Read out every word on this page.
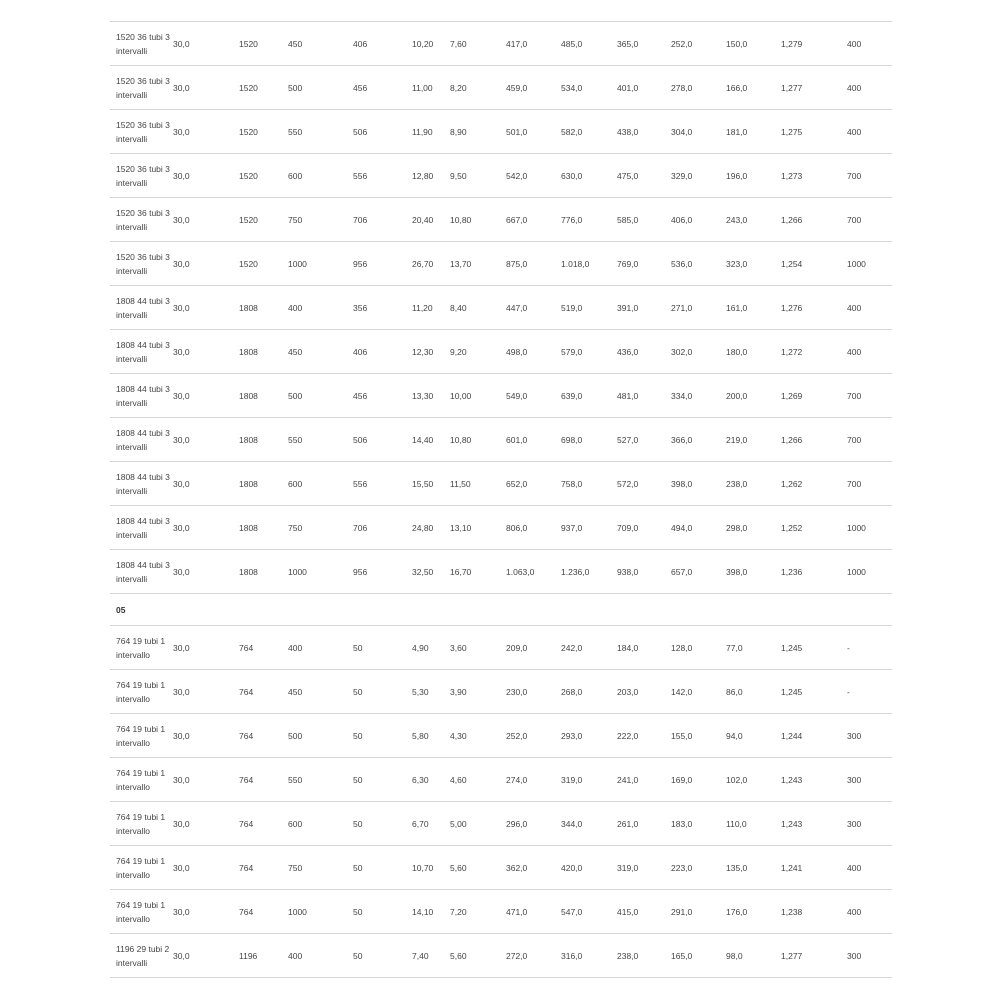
1520 36 tubi 3 intervalli	30,0	1520	450	406	10,20	7,60	417,0	485,0	365,0	252,0	150,0	1,279	400
1520 36 tubi 3 intervalli	30,0	1520	500	456	11,00	8,20	459,0	534,0	401,0	278,0	166,0	1,277	400
1520 36 tubi 3 intervalli	30,0	1520	550	506	11,90	8,90	501,0	582,0	438,0	304,0	181,0	1,275	400
1520 36 tubi 3 intervalli	30,0	1520	600	556	12,80	9,50	542,0	630,0	475,0	329,0	196,0	1,273	700
1520 36 tubi 3 intervalli	30,0	1520	750	706	20,40	10,80	667,0	776,0	585,0	406,0	243,0	1,266	700
1520 36 tubi 3 intervalli	30,0	1520	1000	956	26,70	13,70	875,0	1.018,0	769,0	536,0	323,0	1,254	1000
1808 44 tubi 3 intervalli	30,0	1808	400	356	11,20	8,40	447,0	519,0	391,0	271,0	161,0	1,276	400
1808 44 tubi 3 intervalli	30,0	1808	450	406	12,30	9,20	498,0	579,0	436,0	302,0	180,0	1,272	400
1808 44 tubi 3 intervalli	30,0	1808	500	456	13,30	10,00	549,0	639,0	481,0	334,0	200,0	1,269	700
1808 44 tubi 3 intervalli	30,0	1808	550	506	14,40	10,80	601,0	698,0	527,0	366,0	219,0	1,266	700
1808 44 tubi 3 intervalli	30,0	1808	600	556	15,50	11,50	652,0	758,0	572,0	398,0	238,0	1,262	700
1808 44 tubi 3 intervalli	30,0	1808	750	706	24,80	13,10	806,0	937,0	709,0	494,0	298,0	1,252	1000
1808 44 tubi 3 intervalli	30,0	1808	1000	956	32,50	16,70	1.063,0	1.236,0	938,0	657,0	398,0	1,236	1000
05													
764 19 tubi 1 intervallo	30,0	764	400	50	4,90	3,60	209,0	242,0	184,0	128,0	77,0	1,245	-
764 19 tubi 1 intervallo	30,0	764	450	50	5,30	3,90	230,0	268,0	203,0	142,0	86,0	1,245	-
764 19 tubi 1 intervallo	30,0	764	500	50	5,80	4,30	252,0	293,0	222,0	155,0	94,0	1,244	300
764 19 tubi 1 intervallo	30,0	764	550	50	6,30	4,60	274,0	319,0	241,0	169,0	102,0	1,243	300
764 19 tubi 1 intervallo	30,0	764	600	50	6,70	5,00	296,0	344,0	261,0	183,0	110,0	1,243	300
764 19 tubi 1 intervallo	30,0	764	750	50	10,70	5,60	362,0	420,0	319,0	223,0	135,0	1,241	400
764 19 tubi 1 intervallo	30,0	764	1000	50	14,10	7,20	471,0	547,0	415,0	291,0	176,0	1,238	400
1196 29 tubi 2 intervalli	30,0	1196	400	50	7,40	5,60	272,0	316,0	238,0	165,0	98,0	1,277	300
